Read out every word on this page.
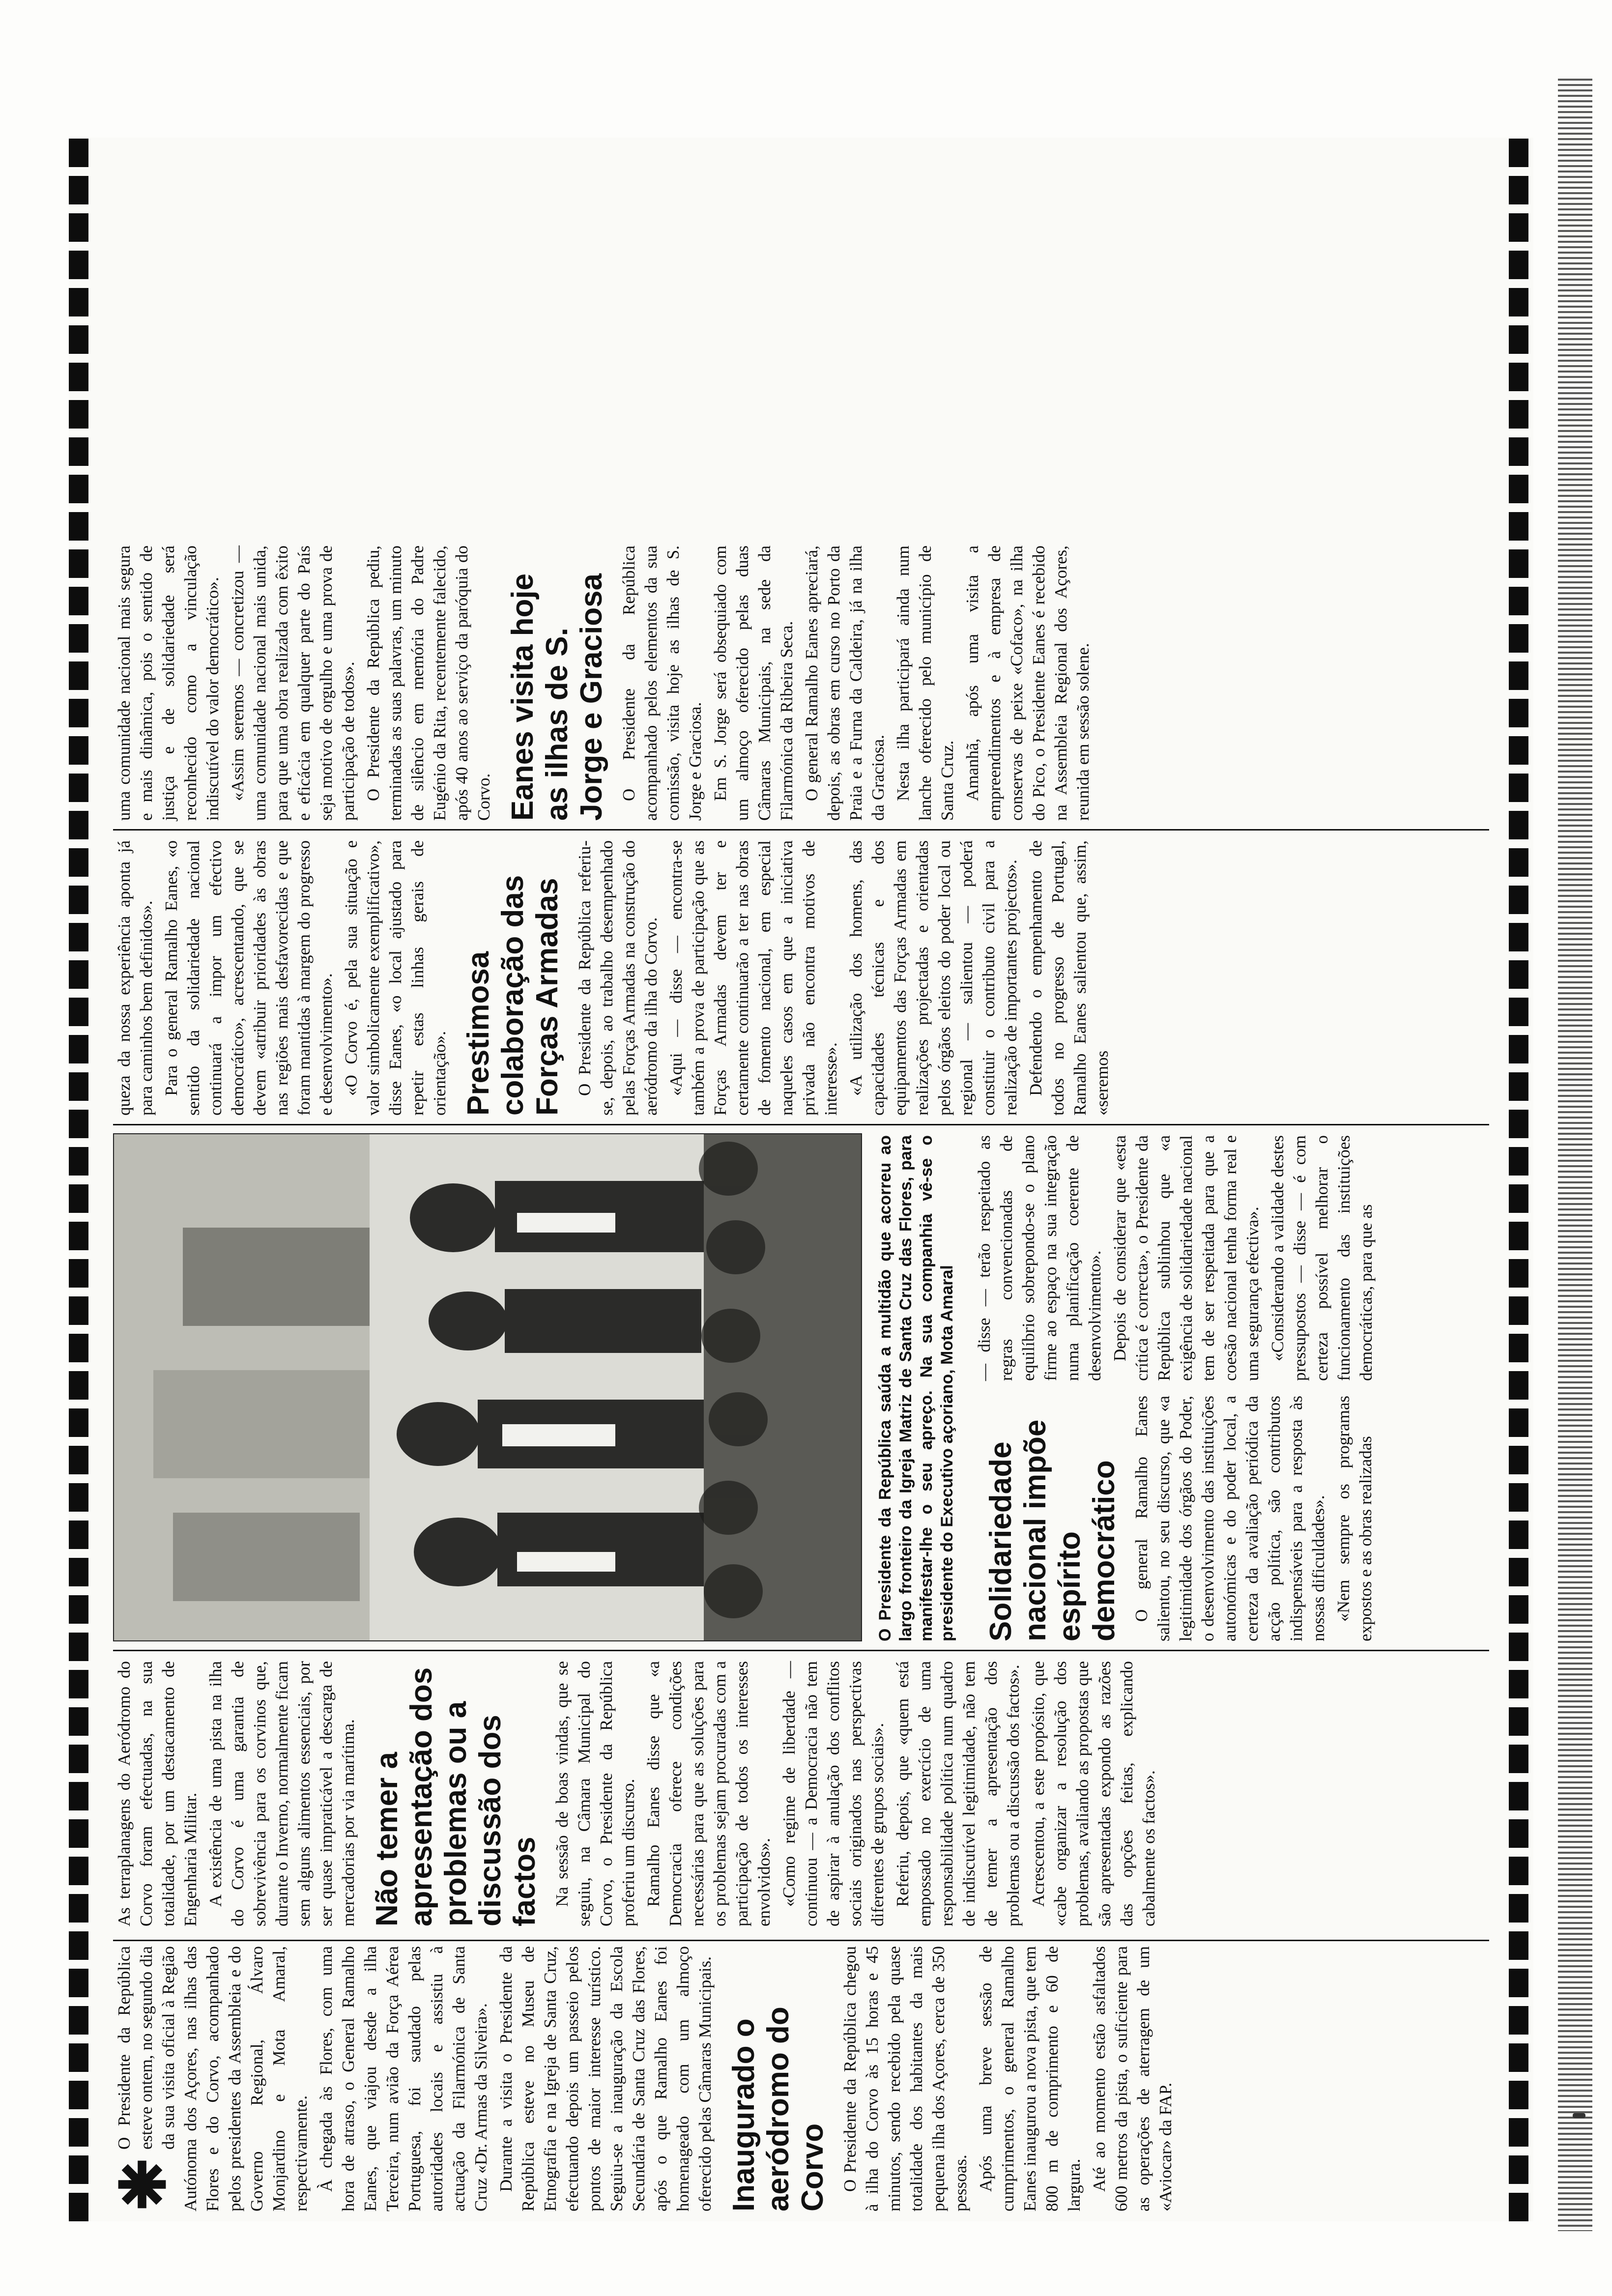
O Presidente da República esteve ontem, no segundo dia da sua visita oficial à Região Autónoma dos Açores, nas ilhas das Flores e do Corvo, acompanhado pelos presidentes da Assembleia e do Governo Regional, Álvaro Monjardino e Mota Amaral, respectivamente. À chegada às Flores, com uma hora de atraso, o General Ramalho Eanes, que viajou desde a ilha Terceira, num avião da Força Aérea Portuguesa, foi saudado pelas autoridades locais e assistiu à actuação da Filarmónica de Santa Cruz «Dr. Armas da Silveira». Durante a visita o Presidente da República esteve no Museu de Etnografia e na Igreja de Santa Cruz, efectuando depois um passeio pelos pontos de maior interesse turístico. Seguiu-se a inauguração da Escola Secundária de Santa Cruz das Flores, após o que Ramalho Eanes foi homenageado com um almoço oferecido pelas Câmaras Municipais. Inaugurado o aeródromo do Corvo O Presidente da República chegou à ilha do Corvo às 15 horas e 45 minutos, sendo recebido pela quase totalidade dos habitantes da mais pequena ilha dos Açores, cerca de 350 pessoas. Após uma breve sessão de cumprimentos, o general Ramalho Eanes inaugurou a nova pista, que tem 800 m de comprimento e 60 de largura. Até ao momento estão asfaltados 600 metros da pista, o suficiente para as operações de aterragem de um «Aviocar» da FAP.

As terraplanagens do Aeródromo do Corvo foram efectuadas, na sua totalidade, por um destacamento de Engenharia Militar. A existência de uma pista na ilha do Corvo é uma garantia de sobrevivência para os corvinos que, durante o Inverno, normalmente ficam sem alguns alimentos essenciais, por ser quase impraticável a descarga de mercadorias por via marítima. Não temer a apresentação dos problemas ou a discussão dos factos Na sessão de boas vindas, que se seguiu, na Câmara Municipal do Corvo, o Presidente da República proferiu um discurso. Ramalho Eanes disse que «a Democracia oferece condições necessárias para que as soluções para os problemas sejam procuradas com a participação de todos os interesses envolvidos». «Como regime de liberdade — continuou — a Democracia não tem de aspirar à anulação dos conflitos sociais originados nas perspectivas diferentes de grupos sociais». Referiu, depois, que «quem está empossado no exercício de uma responsabilidade política num quadro de indiscutível legitimidade, não tem de temer a apresentação dos problemas ou a discussão dos factos». Acrescentou, a este propósito, que «cabe organizar a resolução dos problemas, avaliando as propostas que são apresentadas expondo as razões das opções feitas, explicando cabalmente os factos».

O Presidente da República saúda a multidão que acorreu ao largo fronteiro da Igreja Matriz de Santa Cruz das Flores, para manifestar-lhe o seu apreço. Na sua companhia vê-se o presidente do Executivo açoriano, Mota Amaral Solidariedade nacional impõe espírito democrático O general Ramalho Eanes salientou, no seu discurso, que «a legitimidade dos órgãos do Poder, o desenvolvimento das instituições autonómicas e do poder local, a certeza da avaliação periódica da acção política, são contributos indispensáveis para a resposta às nossas dificuldades». «Nem sempre os programas expostos e as obras realizadas

— disse — terão respeitado as regras convencionadas de equilíbrio sobrepondo-se o plano firme ao espaço na sua integração numa planificação coerente de desenvolvimento». Depois de considerar que «esta crítica é correcta», o Presidente da República sublinhou que «a exigência de solidariedade nacional tem de ser respeitada para que a coesão nacional tenha forma real e uma segurança efectiva». «Considerando a validade destes pressupostos — disse — é com certeza possível melhorar o funcionamento das instituições democráticas, para que as

queza da nossa experiência aponta já para caminhos bem definidos». Para o general Ramalho Eanes, «o sentido da solidariedade nacional continuará a impor um efectivo democrático», acrescentando, que se devem «atribuir prioridades às obras nas regiões mais desfavorecidas e que foram mantidas à margem do progresso e desenvolvimento». «O Corvo é, pela sua situação e valor simbolicamente exemplificativo», disse Eanes, «o local ajustado para repetir estas linhas gerais de orientação». Prestimosa colaboração das Forças Armadas O Presidente da República referiu-se, depois, ao trabalho desempenhado pelas Forças Armadas na construção do aeródromo da ilha do Corvo. «Aqui — disse — encontra-se também a prova de participação que as Forças Armadas devem ter e certamente continuarão a ter nas obras de fomento nacional, em especial naqueles casos em que a iniciativa privada não encontra motivos de interesse». «A utilização dos homens, das capacidades técnicas e dos equipamentos das Forças Armadas em realizações projectadas e orientadas pelos órgãos eleitos do poder local ou regional — salientou — poderá constituir o contributo civil para a realização de importantes projectos». Defendendo o empenhamento de todos no progresso de Portugal, Ramalho Eanes salientou que, assim, «seremos

uma comunidade nacional mais segura e mais dinâmica, pois o sentido de justiça e de solidariedade será reconhecido como a vinculação indiscutível do valor democrático». «Assim seremos — concretizou — uma comunidade nacional mais unida, para que uma obra realizada com êxito e eficácia em qualquer parte do País seja motivo de orgulho e uma prova de participação de todos». O Presidente da República pediu, terminadas as suas palavras, um minuto de silêncio em memória do Padre Eugénio da Rita, recentemente falecido, após 40 anos ao serviço da paróquia do Corvo. Eanes visita hoje as ilhas de S. Jorge e Graciosa O Presidente da República acompanhado pelos elementos da sua comissão, visita hoje as ilhas de S. Jorge e Graciosa. Em S. Jorge será obsequiado com um almoço oferecido pelas duas Câmaras Municipais, na sede da Filarmónica da Ribeira Seca. O general Ramalho Eanes apreciará, depois, as obras em curso no Porto da Praia e a Furna da Caldeira, já na ilha da Graciosa. Nesta ilha participará ainda num lanche oferecido pelo município de Santa Cruz. Amanhã, após uma visita a empreendimentos e à empresa de conservas de peixe «Cofaco», na ilha do Pico, o Presidente Eanes é recebido na Assembleia Regional dos Açores, reunida em sessão solene.
